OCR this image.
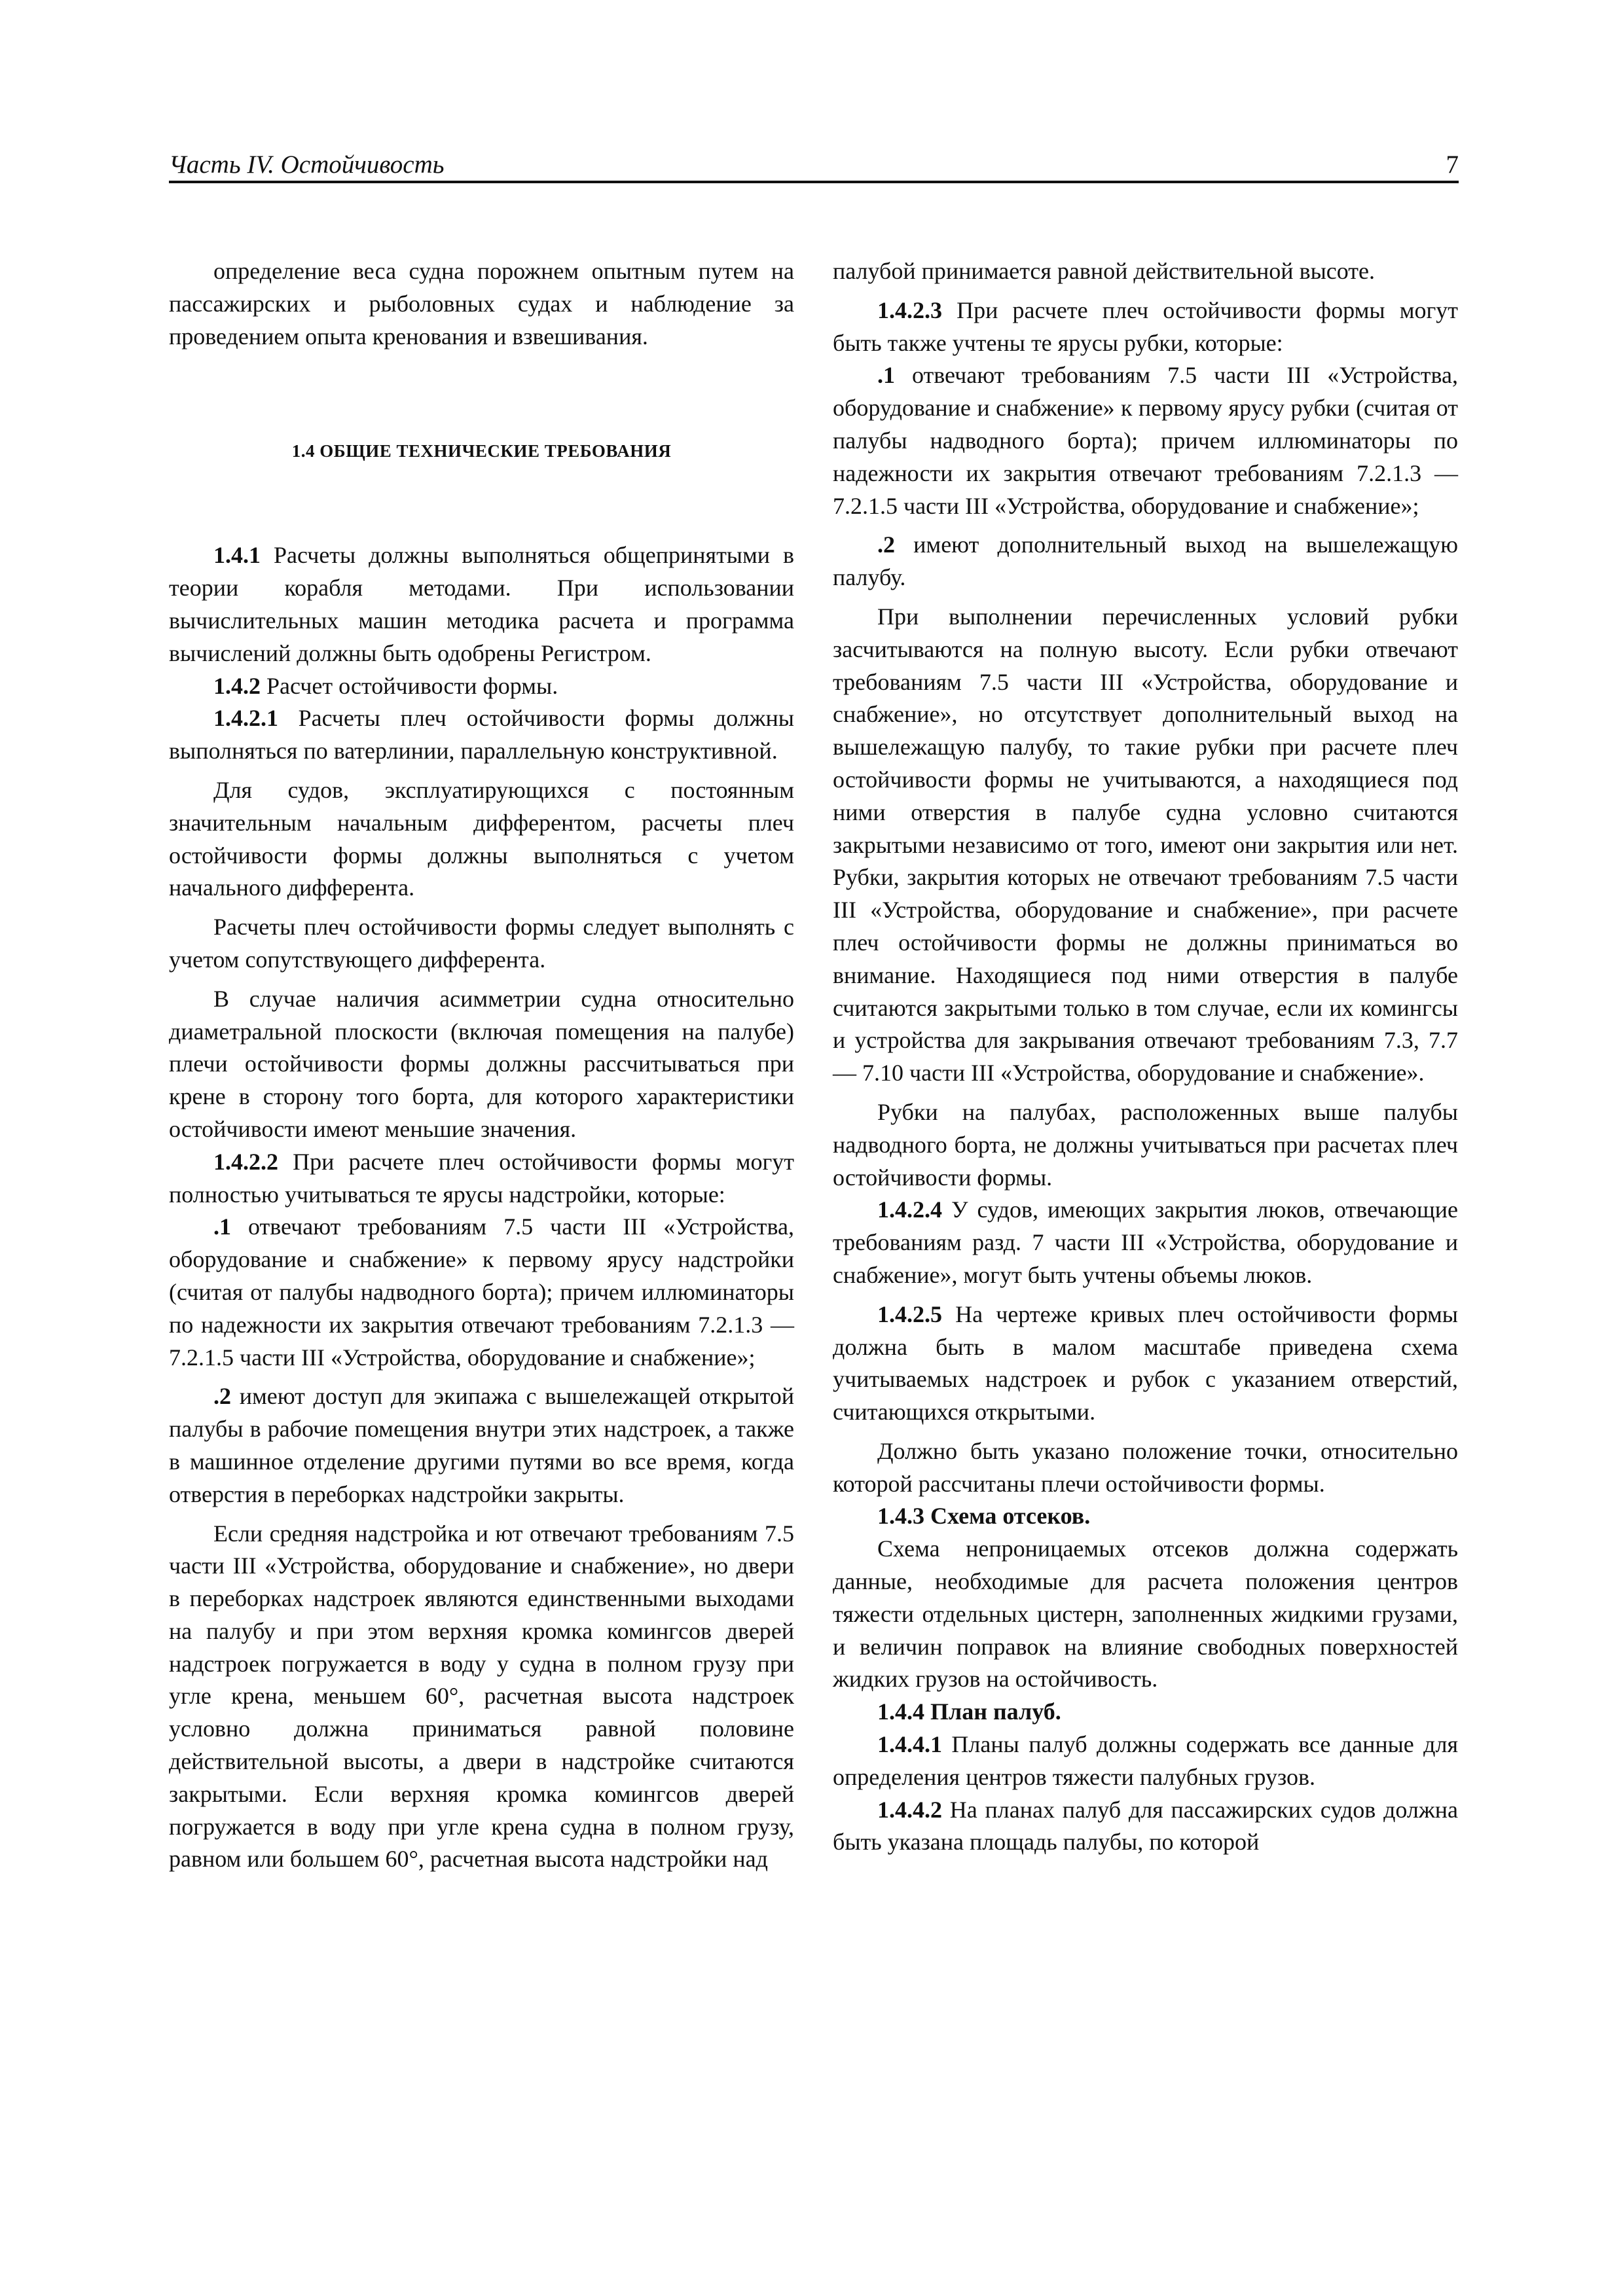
Часть IV. Остойчивость	7

определение веса судна порожнем опытным путем на пассажирских и рыболовных судах и наблюдение за проведением опыта кренования и взвешивания.

1.4 ОБЩИЕ ТЕХНИЧЕСКИЕ ТРЕБОВАНИЯ

1.4.1 Расчеты должны выполняться общепринятыми в теории корабля методами. При использовании вычислительных машин методика расчета и программа вычислений должны быть одобрены Регистром.

1.4.2 Расчет остойчивости формы.

1.4.2.1 Расчеты плеч остойчивости формы должны выполняться по ватерлинии, параллельную конструктивной.

Для судов, эксплуатирующихся с постоянным значительным начальным дифферентом, расчеты плеч остойчивости формы должны выполняться с учетом начального дифферента.

Расчеты плеч остойчивости формы следует выполнять с учетом сопутствующего дифферента.

В случае наличия асимметрии судна относительно диаметральной плоскости (включая помещения на палубе) плечи остойчивости формы должны рассчитываться при крене в сторону того борта, для которого характеристики остойчивости имеют меньшие значения.

1.4.2.2 При расчете плеч остойчивости формы могут полностью учитываться те ярусы надстройки, которые:

.1 отвечают требованиям 7.5 части III «Устройства, оборудование и снабжение» к первому ярусу надстройки (считая от палубы надводного борта); причем иллюминаторы по надежности их закрытия отвечают требованиям 7.2.1.3 — 7.2.1.5 части III «Устройства, оборудование и снабжение»;

.2 имеют доступ для экипажа с вышележащей открытой палубы в рабочие помещения внутри этих надстроек, а также в машинное отделение другими путями во все время, когда отверстия в переборках надстройки закрыты.

Если средняя надстройка и ют отвечают требованиям 7.5 части III «Устройства, оборудование и снабжение», но двери в переборках надстроек являются единственными выходами на палубу и при этом верхняя кромка комингсов дверей надстроек погружается в воду у судна в полном грузу при угле крена, меньшем 60°, расчетная высота надстроек условно должна приниматься равной половине действительной высоты, а двери в надстройке считаются закрытыми. Если верхняя кромка комингсов дверей погружается в воду при угле крена судна в полном грузу, равном или большем 60°, расчетная высота надстройки над

палубой принимается равной действительной высоте.

1.4.2.3 При расчете плеч остойчивости формы могут быть также учтены те ярусы рубки, которые:

.1 отвечают требованиям 7.5 части III «Устройства, оборудование и снабжение» к первому ярусу рубки (считая от палубы надводного борта); причем иллюминаторы по надежности их закрытия отвечают требованиям 7.2.1.3 — 7.2.1.5 части III «Устройства, оборудование и снабжение»;

.2 имеют дополнительный выход на вышележащую палубу.

При выполнении перечисленных условий рубки засчитываются на полную высоту. Если рубки отвечают требованиям 7.5 части III «Устройства, оборудование и снабжение», но отсутствует дополнительный выход на вышележащую палубу, то такие рубки при расчете плеч остойчивости формы не учитываются, а находящиеся под ними отверстия в палубе судна условно считаются закрытыми независимо от того, имеют они закрытия или нет. Рубки, закрытия которых не отвечают требованиям 7.5 части III «Устройства, оборудование и снабжение», при расчете плеч остойчивости формы не должны приниматься во внимание. Находящиеся под ними отверстия в палубе считаются закрытыми только в том случае, если их комингсы и устройства для закрывания отвечают требованиям 7.3, 7.7 — 7.10 части III «Устройства, оборудование и снабжение».

Рубки на палубах, расположенных выше палубы надводного борта, не должны учитываться при расчетах плеч остойчивости формы.

1.4.2.4 У судов, имеющих закрытия люков, отвечающие требованиям разд. 7 части III «Устройства, оборудование и снабжение», могут быть учтены объемы люков.

1.4.2.5 На чертеже кривых плеч остойчивости формы должна быть в малом масштабе приведена схема учитываемых надстроек и рубок с указанием отверстий, считающихся открытыми.

Должно быть указано положение точки, относительно которой рассчитаны плечи остойчивости формы.

1.4.3 Схема отсеков.

Схема непроницаемых отсеков должна содержать данные, необходимые для расчета положения центров тяжести отдельных цистерн, заполненных жидкими грузами, и величин поправок на влияние свободных поверхностей жидких грузов на остойчивость.

1.4.4 План палуб.

1.4.4.1 Планы палуб должны содержать все данные для определения центров тяжести палубных грузов.

1.4.4.2 На планах палуб для пассажирских судов должна быть указана площадь палубы, по которой
